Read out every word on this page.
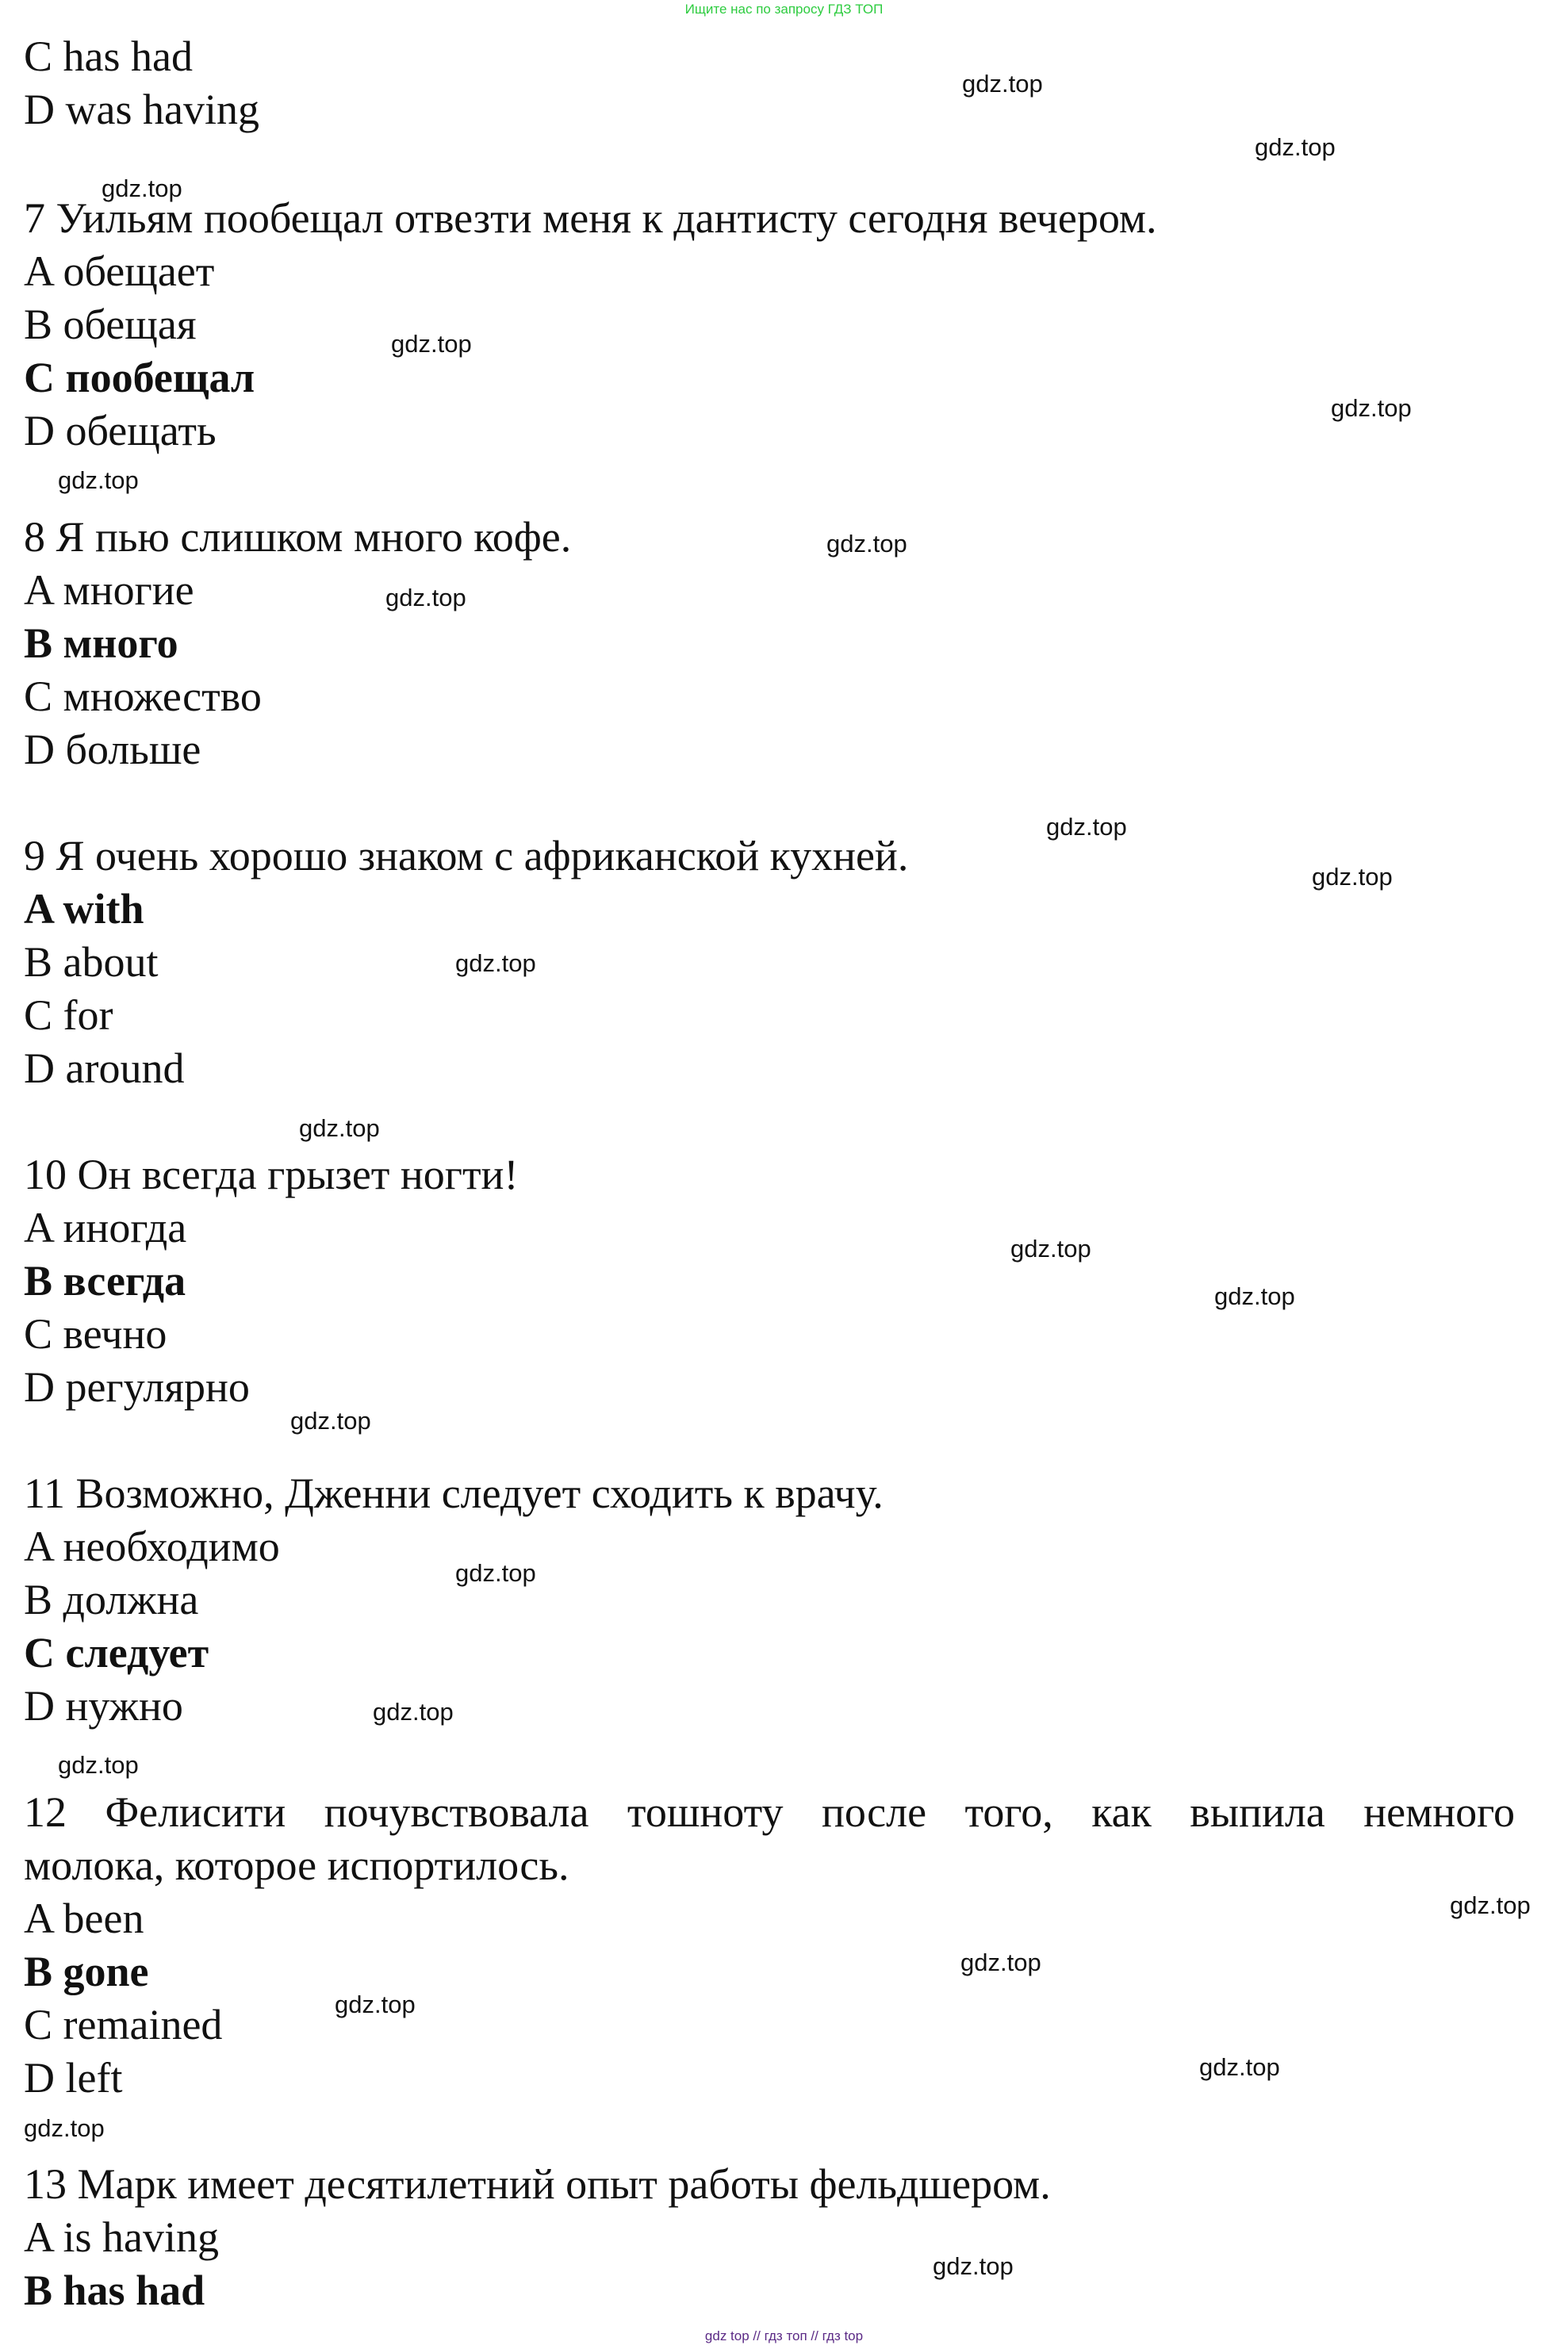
Ищите нас по запросу ГДЗ ТОП
C has had
D was having
7 Уильям пообещал отвезти меня к дантисту сегодня вечером.
A обещает
B обещая
C пообещал
D обещать
8 Я пью слишком много кофе.
A многие
B много
C множество
D больше
9 Я очень хорошо знаком с африканской кухней.
A with
B about
C for
D around
10 Он всегда грызет ногти!
A иногда
B всегда
C вечно
D регулярно
11 Возможно, Дженни следует сходить к врачу.
A необходимо
B должна
C следует
D нужно
12 Фелисити почувствовала тошноту после того, как выпила немного
молока, которое испортилось.
A been
B gone
C remained
D left
13 Марк имеет десятилетний опыт работы фельдшером.
A is having
B has had
gdz.top
gdz.top
gdz.top
gdz.top
gdz.top
gdz.top
gdz.top
gdz.top
gdz.top
gdz.top
gdz.top
gdz.top
gdz.top
gdz.top
gdz.top
gdz.top
gdz.top
gdz.top
gdz.top
gdz.top
gdz.top
gdz.top
gdz.top
gdz.top
gdz top // гдз топ // гдз top
